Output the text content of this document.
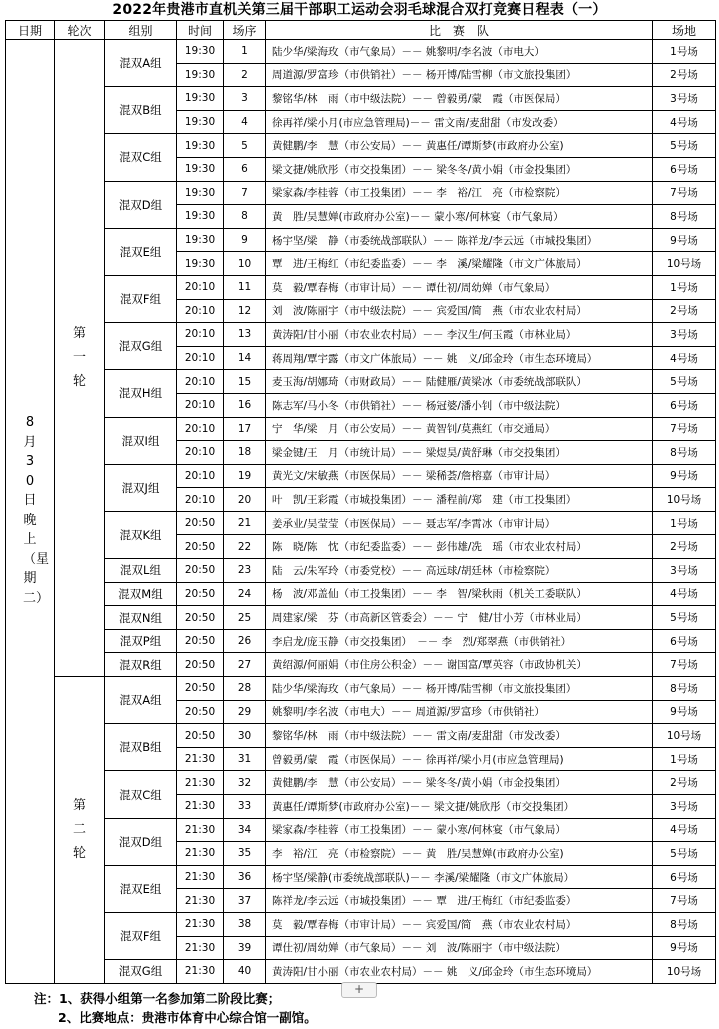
2022年贵港市直机关第三届干部职工运动会羽毛球混合双打竞赛日程表（一）
日期	轮次	组别	时间	场序	比　赛　队	场地
8月30日晚上（星期二）	第一轮	混双A组	19:30	1	陆少华/梁海玫（市气象局）－－ 姚黎明/李名波（市电大）	1号场
			19:30	2	周道源/罗富珍（市供销社）－－ 杨开博/陆雪柳（市文旅投集团）	2号场
		混双B组	19:30	3	黎铭华/林　雨（市中级法院）－－ 曾毅勇/蒙　霞（市医保局）	3号场
			19:30	4	徐再祥/梁小月(市应急管理局)－－ 雷文南/麦甜甜（市发改委）	4号场
		混双C组	19:30	5	黄健鹏/李　慧（市公安局）－－ 黄惠任/谭斯梦(市政府办公室)	5号场
			19:30	6	梁文捷/姚欣彤（市交投集团）－－ 梁冬冬/黄小娟（市金投集团）	6号场
		混双D组	19:30	7	梁家森/李桂蓉（市工投集团）－－ 李　裕/江　亮（市检察院）	7号场
			19:30	8	黄　胜/吴慧婵(市政府办公室)－－ 蒙小寒/何林宴（市气象局）	8号场
		混双E组	19:30	9	杨宇坚/梁　静（市委统战部联队）－－ 陈祥龙/李云远（市城投集团）	9号场
			19:30	10	覃　进/王梅红（市纪委监委）－－ 李　溪/梁耀隆（市文广体旅局）	10号场
		混双F组	20:10	11	莫　毅/覃春梅（市审计局）－－ 谭仕初/周幼婵（市气象局）	1号场
			20:10	12	刘　波/陈丽宇（市中级法院）－－ 宾爱国/简　燕（市农业农村局）	2号场
		混双G组	20:10	13	黄涛阳/甘小丽（市农业农村局）－－ 李汉生/何玉霞（市林业局）	3号场
			20:10	14	蒋周翔/覃宇露（市文广体旅局）－－ 姚　义/邱金玲（市生态环境局）	4号场
		混双H组	20:10	15	麦玉海/胡娜琦（市财政局）－－ 陆健雁/黄梁冰（市委统战部联队）	5号场
			20:10	16	陈志军/马小冬（市供销社）－－ 杨冠婆/潘小钊（市中级法院）	6号场
		混双I组	20:10	17	宁　华/梁　月（市公安局）－－ 黄智钊/莫燕红（市交通局）	7号场
			20:10	18	梁金键/王　月（市统计局）－－ 梁煜昊/黄舒琳（市交投集团）	8号场
		混双J组	20:10	19	黄光文/宋敏燕（市医保局）－－ 梁稀荟/詹榕嘉（市审计局）	9号场
			20:10	20	叶　凯/王彩霞（市城投集团）－－ 潘程前/郑　建（市工投集团）	10号场
		混双K组	20:50	21	姜承业/吴莹莹（市医保局）－－ 聂志军/李霄冰（市审计局）	1号场
			20:50	22	陈　晓/陈　忱（市纪委监委）－－ 彭伟雄/冼　瑶（市农业农村局）	2号场
		混双L组	20:50	23	陆　云/朱军玲（市委党校）－－ 高远球/胡廷林（市检察院）	3号场
		混双M组	20:50	24	杨　波/邓盖仙（市工投集团）－－ 李　智/梁秋雨（机关工委联队）	4号场
		混双N组	20:50	25	周建家/梁　芬（市高新区管委会）－－ 宁　健/甘小芳（市林业局）	5号场
		混双P组	20:50	26	李启龙/庞玉静（市交投集团）　－－ 李　烈/郑翠燕（市供销社）	6号场
		混双R组	20:50	27	黄绍源/何丽娟（市住房公积金）－－ 谢国富/覃英容（市政协机关）	7号场
	第二轮	混双A组	20:50	28	陆少华/梁海玫（市气象局）－－ 杨开博/陆雪柳（市文旅投集团）	8号场
			20:50	29	姚黎明/李名波（市电大）－－ 周道源/罗富珍（市供销社）	9号场
		混双B组	20:50	30	黎铭华/林　雨（市中级法院）－－ 雷文南/麦甜甜（市发改委）	10号场
			21:30	31	曾毅勇/蒙　霞（市医保局）－－ 徐再祥/梁小月(市应急管理局)	1号场
		混双C组	21:30	32	黄健鹏/李　慧（市公安局）－－ 梁冬冬/黄小娟（市金投集团）	2号场
			21:30	33	黄惠任/谭斯梦(市政府办公室)－－ 梁文捷/姚欣彤（市交投集团）	3号场
		混双D组	21:30	34	梁家森/李桂蓉（市工投集团）－－ 蒙小寒/何林宴（市气象局）	4号场
			21:30	35	李　裕/江　亮（市检察院）－－ 黄　胜/吴慧婵(市政府办公室)	5号场
		混双E组	21:30	36	杨宇坚/梁静(市委统战部联队)－－ 李溪/梁耀隆（市文广体旅局）	6号场
			21:30	37	陈祥龙/李云远（市城投集团）－－ 覃　进/王梅红（市纪委监委）	7号场
		混双F组	21:30	38	莫　毅/覃春梅（市审计局）－－ 宾爱国/简　燕（市农业农村局）	8号场
			21:30	39	谭仕初/周幼婵（市气象局）－－ 刘　波/陈丽宇（市中级法院）	9号场
		混双G组	21:30	40	黄涛阳/甘小丽（市农业农村局）－－ 姚　义/邱金玲（市生态环境局）	10号场
+
注：1、获得小组第一名参加第二阶段比赛；
2、比赛地点：贵港市体育中心综合馆一副馆。
